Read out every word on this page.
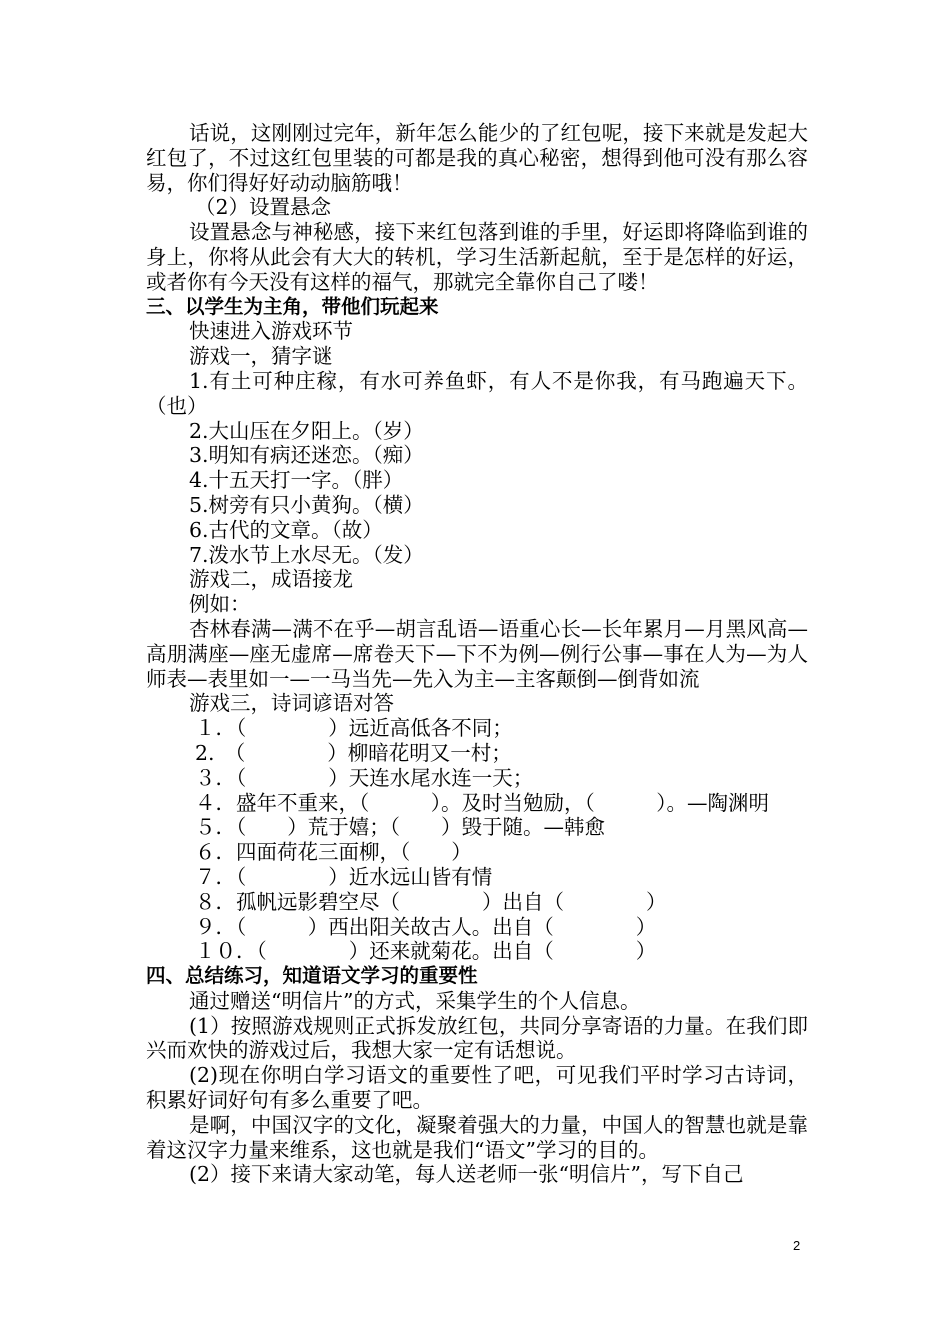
话说，这刚刚过完年，新年怎么能少的了红包呢，接下来就是发起大红包了，不过这红包里装的可都是我的真心秘密，想得到他可没有那么容易，你们得好好动动脑筋哦！

（2）设置悬念

设置悬念与神秘感，接下来红包落到谁的手里，好运即将降临到谁的身上，你将从此会有大大的转机，学习生活新起航，至于是怎样的好运，或者你有今天没有这样的福气，那就完全靠你自己了喽！

三、以学生为主角，带他们玩起来

快速进入游戏环节

游戏一，猜字谜

1.有土可种庄稼，有水可养鱼虾，有人不是你我，有马跑遍天下。（也）

2.大山压在夕阳上。（岁）

3.明知有病还迷恋。（痴）

4.十五天打一字。（胖）

5.树旁有只小黄狗。（横）

6.古代的文章。（故）

7.泼水节上水尽无。（发）

游戏二，成语接龙

例如：

杏林春满—满不在乎—胡言乱语—语重心长—长年累月—月黑风高—高朋满座—座无虚席—席卷天下—下不为例—例行公事—事在人为—为人师表—表里如一—一马当先—先入为主—主客颠倒—倒背如流

游戏三，诗词谚语对答

１．（　　　　）远近高低各不同；

2.　（　　　　）柳暗花明又一村；

３．（　　　　）天连水尾水连一天；

４．盛年不重来，（　　　）。及时当勉励，（　　　）。—陶渊明

５．（　　）荒于嬉；（　　）毁于随。—韩愈

６．四面荷花三面柳，（　　）

７．（　　　　）近水远山皆有情

８．孤帆远影碧空尽（　　　　）出自（　　　　）

９．（　　　）西出阳关故古人。出自（　　　　）

１０．（　　　　）还来就菊花。出自（　　　　）

四、总结练习，知道语文学习的重要性

通过赠送“明信片”的方式，采集学生的个人信息。

(1）按照游戏规则正式拆发放红包，共同分享寄语的力量。在我们即兴而欢快的游戏过后，我想大家一定有话想说。

(2)现在你明白学习语文的重要性了吧，可见我们平时学习古诗词，积累好词好句有多么重要了吧。

是啊，中国汉字的文化，凝聚着强大的力量，中国人的智慧也就是靠着这汉字力量来维系，这也就是我们“语文”学习的目的。

(2）接下来请大家动笔，每人送老师一张“明信片”，写下自己

2
